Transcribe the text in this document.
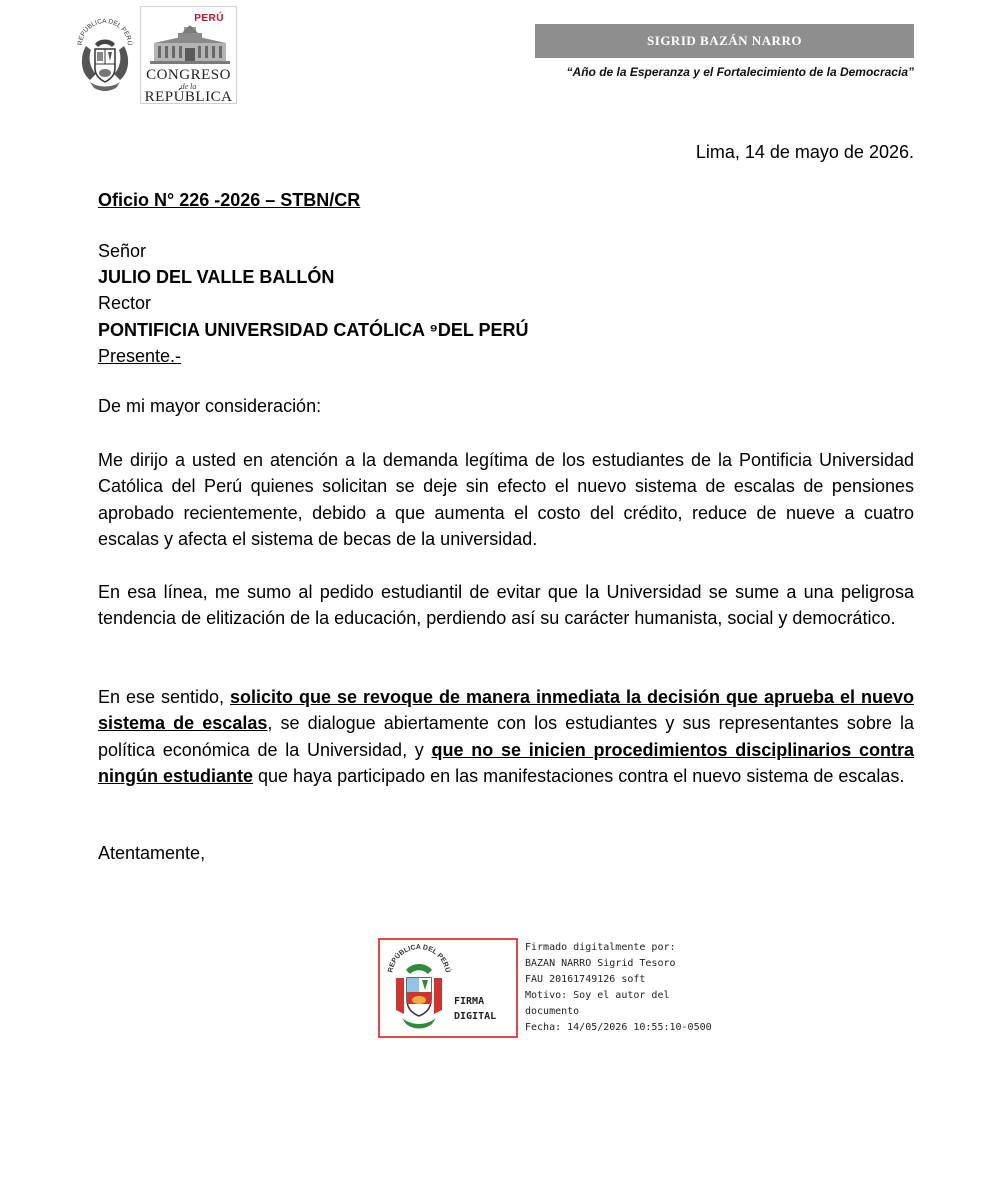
REPÚBLICA DEL PERÚ
PERÚ
CONGRESO
de la
REPÚBLICA
SIGRID BAZÁN NARRO
“Año de la Esperanza y el Fortalecimiento de la Democracia”
Lima, 14 de mayo de 2026.
Oficio N° 226 -2026 – STBN/CR
Señor
JULIO DEL VALLE BALLÓN
Rector
PONTIFICIA UNIVERSIDAD CATÓLICA ⁹DEL PERÚ
Presente.-
De mi mayor consideración:

Me dirijo a usted en atención a la demanda legítima de los estudiantes de la Pontificia Universidad Católica del Perú quienes solicitan se deje sin efecto el nuevo sistema de escalas de pensiones aprobado recientemente, debido a que aumenta el costo del crédito, reduce de nueve a cuatro escalas y afecta el sistema de becas de la universidad.

En esa línea, me sumo al pedido estudiantil de evitar que la Universidad se sume a una peligrosa tendencia de elitización de la educación, perdiendo así su carácter humanista, social y democrático.

En ese sentido, solicito que se revoque de manera inmediata la decisión que aprueba el nuevo sistema de escalas, se dialogue abiertamente con los estudiantes y sus representantes sobre la política económica de la Universidad, y que no se inicien procedimientos disciplinarios contra ningún estudiante que haya participado en las manifestaciones contra el nuevo sistema de escalas.

Atentamente,
REPÚBLICA DEL PERÚ
FIRMA
DIGITAL
Firmado digitalmente por:
BAZAN NARRO Sigrid Tesoro
FAU 20161749126 soft
Motivo: Soy el autor del
documento
Fecha: 14/05/2026 10:55:10-0500
